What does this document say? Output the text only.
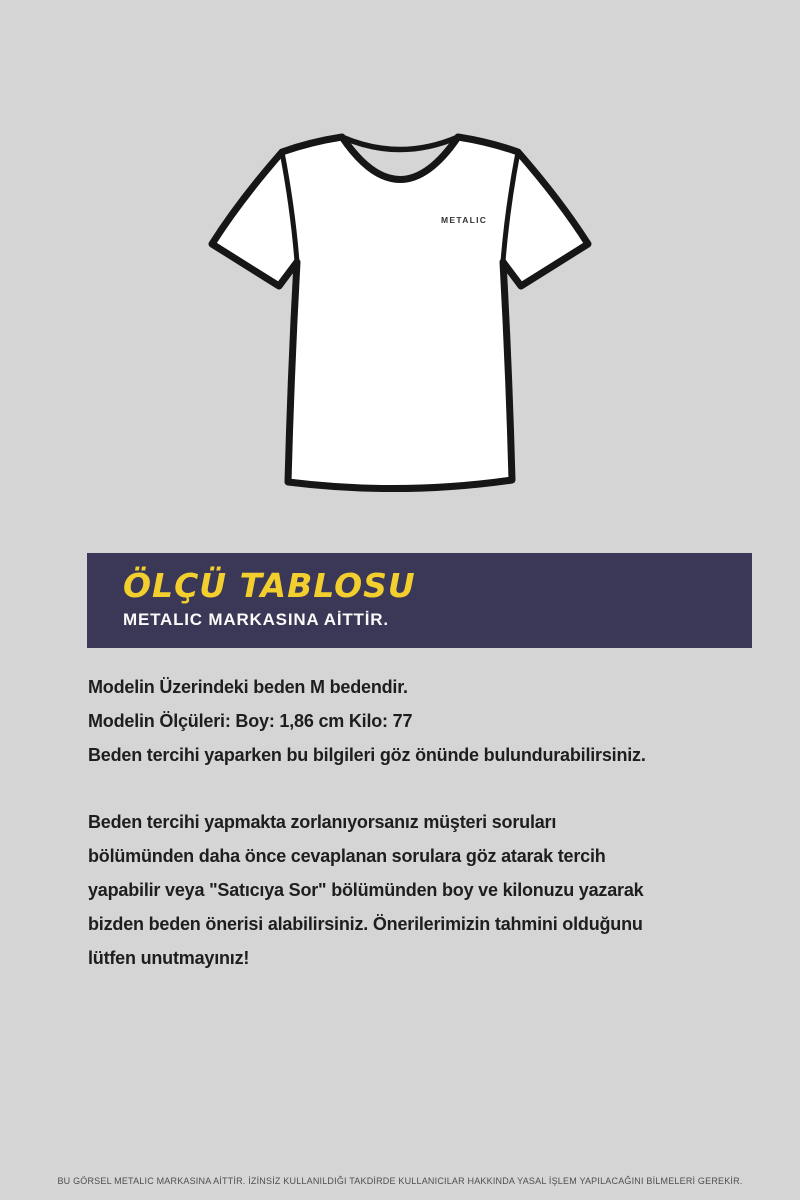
METALIC
ÖLÇÜ TABLOSU
METALIC MARKASINA AİTTİR.
Modelin Üzerindeki beden M bedendir.
Modelin Ölçüleri: Boy: 1,86 cm Kilo: 77
Beden tercihi yaparken bu bilgileri göz önünde bulundurabilirsiniz.
Beden tercihi yapmakta zorlanıyorsanız müşteri soruları
bölümünden daha önce cevaplanan sorulara göz atarak tercih
yapabilir veya "Satıcıya Sor" bölümünden boy ve kilonuzu yazarak
bizden beden önerisi alabilirsiniz. Önerilerimizin tahmini olduğunu
lütfen unutmayınız!
BU GÖRSEL METALIC MARKASINA AİTTİR. İZİNSİZ KULLANILDIĞI TAKDİRDE KULLANICILAR HAKKINDA YASAL İŞLEM YAPILACAĞINI BİLMELERİ GEREKİR.
